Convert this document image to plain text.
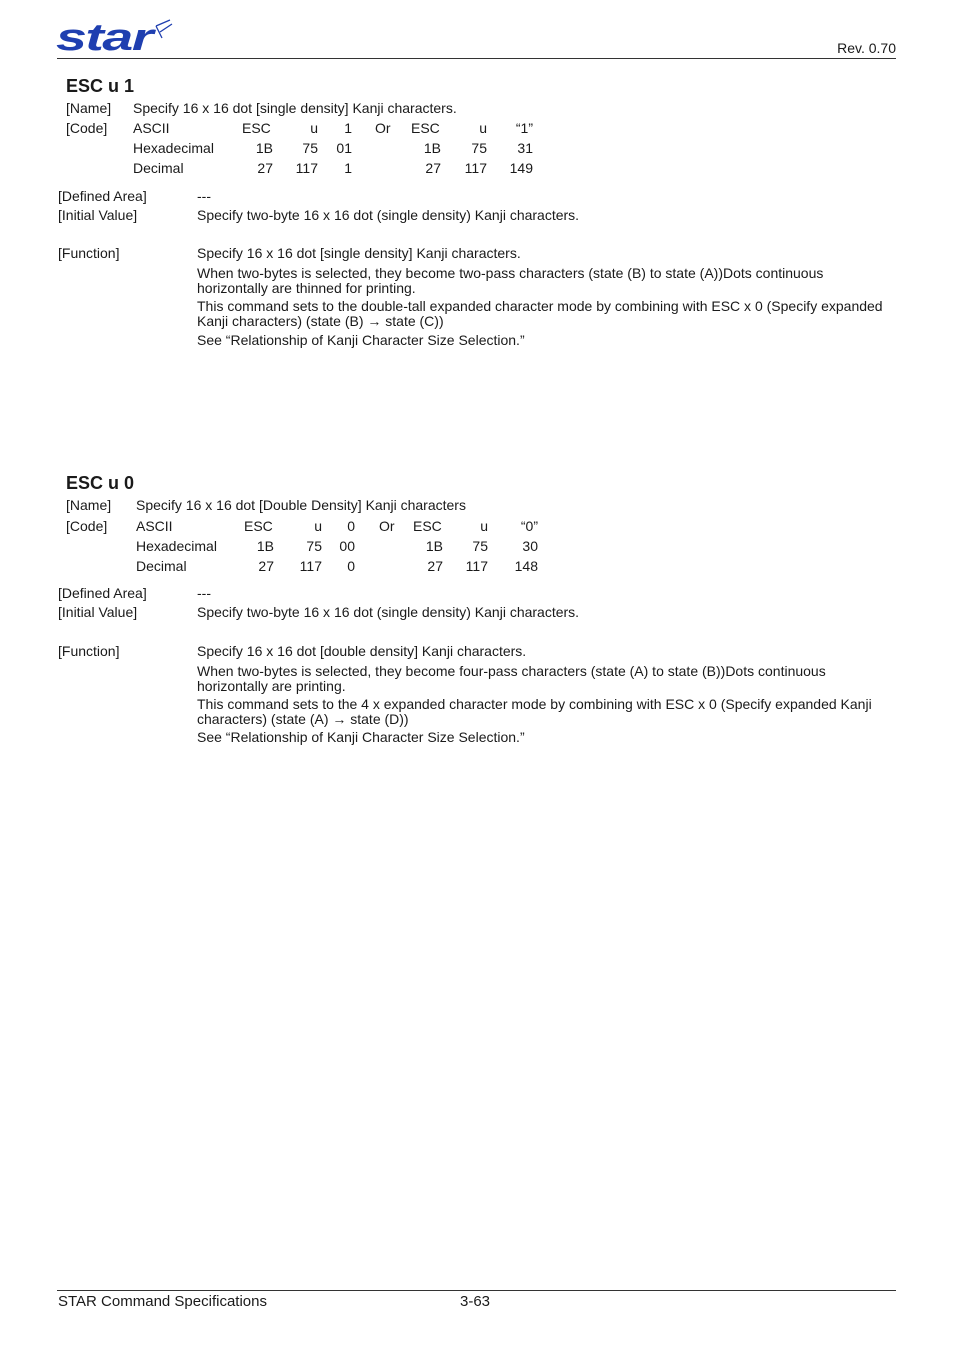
star	Rev. 0.70
ESC u 1
[Name] Specify 16 x 16 dot [single density] Kanji characters.
[Code] ASCII	ESC	u	1 Or ESC	u	“1”
Hexadecimal	1B	75	01	1B	75	31
Decimal	27	117	1	27	117	149
[Defined Area]	---
[Initial Value]	Specify two-byte 16 x 16 dot (single density) Kanji characters.
[Function]	Specify 16 x 16 dot [single density] Kanji characters.
When two-bytes is selected, they become two-pass characters (state (B) to state (A))Dots continuous horizontally are thinned for printing.
This command sets to the double-tall expanded character mode by combining with ESC x 0 (Specify expanded Kanji characters) (state (B) → state (C))
See “Relationship of Kanji Character Size Selection.”
ESC u 0
[Name] Specify 16 x 16 dot [Double Density] Kanji characters
[Code] ASCII	ESC	u	0 Or ESC	u	“0”
Hexadecimal	1B	75	00	1B	75	30
Decimal	27	117	0	27	117	148
[Defined Area]	---
[Initial Value]	Specify two-byte 16 x 16 dot (single density) Kanji characters.
[Function]	Specify 16 x 16 dot [double density] Kanji characters.
When two-bytes is selected, they become four-pass characters (state (A) to state (B))Dots continuous horizontally are printing.
This command sets to the 4 x expanded character mode by combining with ESC x 0 (Specify expanded Kanji characters) (state (A) → state (D))
See “Relationship of Kanji Character Size Selection.”
STAR Command Specifications	3-63
